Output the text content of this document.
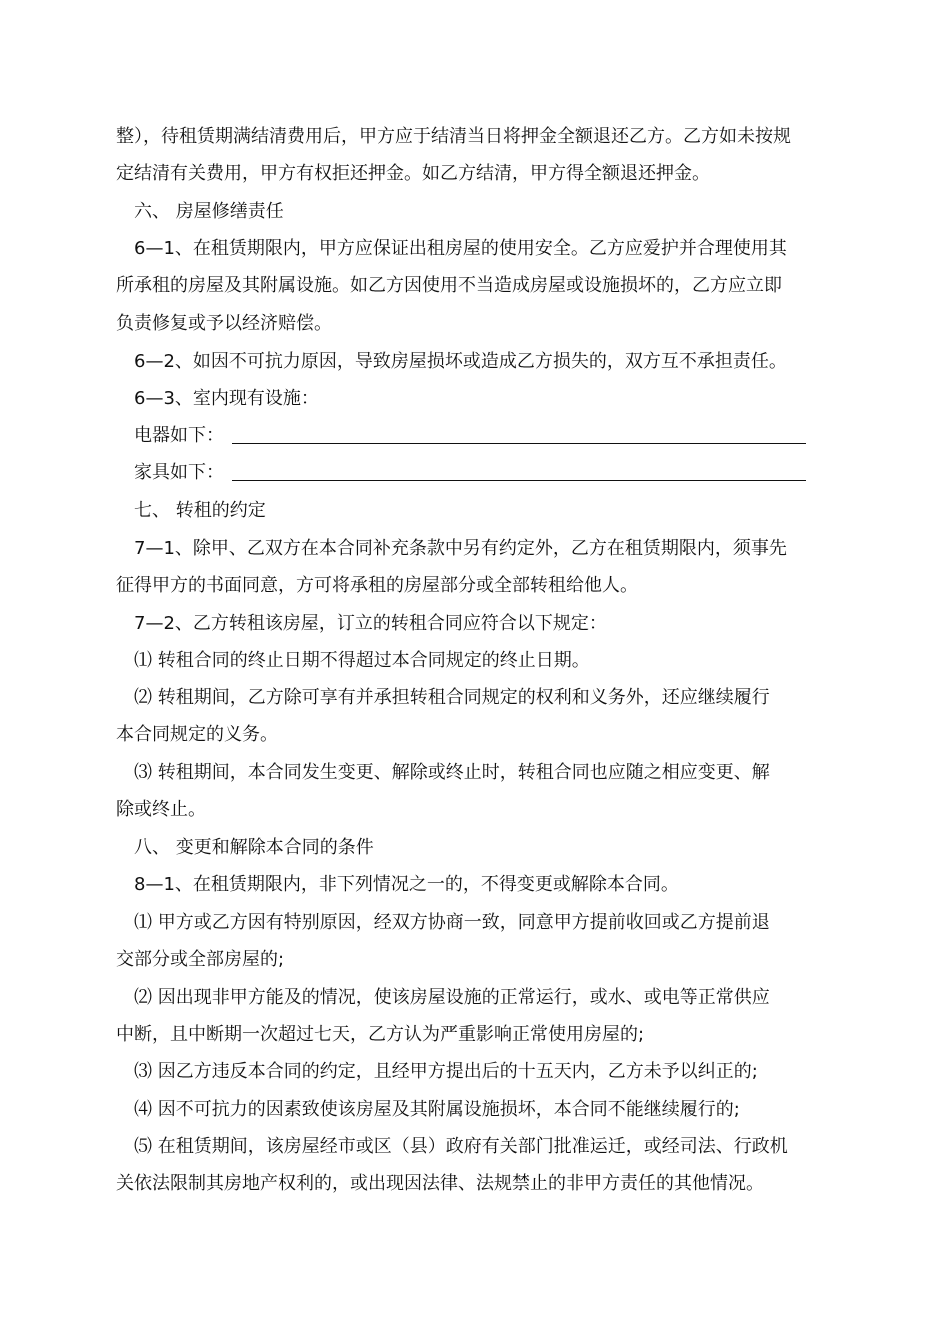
整），待租赁期满结清费用后，甲方应于结清当日将押金全额退还乙方。乙方如未按规
定结清有关费用，甲方有权拒还押金。如乙方结清，甲方得全额退还押金。
六、 房屋修缮责任
6—1、在租赁期限内，甲方应保证出租房屋的使用安全。乙方应爱护并合理使用其
所承租的房屋及其附属设施。如乙方因使用不当造成房屋或设施损坏的，乙方应立即
负责修复或予以经济赔偿。
6—2、如因不可抗力原因，导致房屋损坏或造成乙方损失的，双方互不承担责任。
6—3、室内现有设施：
电器如下：
家具如下：
七、 转租的约定
7—1、除甲、乙双方在本合同补充条款中另有约定外，乙方在租赁期限内，须事先
征得甲方的书面同意，方可将承租的房屋部分或全部转租给他人。
7—2、乙方转租该房屋，订立的转租合同应符合以下规定：
⑴ 转租合同的终止日期不得超过本合同规定的终止日期。
⑵ 转租期间，乙方除可享有并承担转租合同规定的权利和义务外，还应继续履行
本合同规定的义务。
⑶ 转租期间，本合同发生变更、解除或终止时，转租合同也应随之相应变更、解
除或终止。
八、 变更和解除本合同的条件
8—1、在租赁期限内，非下列情况之一的，不得变更或解除本合同。
⑴ 甲方或乙方因有特别原因，经双方协商一致，同意甲方提前收回或乙方提前退
交部分或全部房屋的;
⑵ 因出现非甲方能及的情况，使该房屋设施的正常运行，或水、或电等正常供应
中断，且中断期一次超过七天，乙方认为严重影响正常使用房屋的;
⑶ 因乙方违反本合同的约定，且经甲方提出后的十五天内，乙方未予以纠正的;
⑷ 因不可抗力的因素致使该房屋及其附属设施损坏，本合同不能继续履行的;
⑸ 在租赁期间，该房屋经市或区（县）政府有关部门批准运迁，或经司法、行政机
关依法限制其房地产权利的，或出现因法律、法规禁止的非甲方责任的其他情况。
